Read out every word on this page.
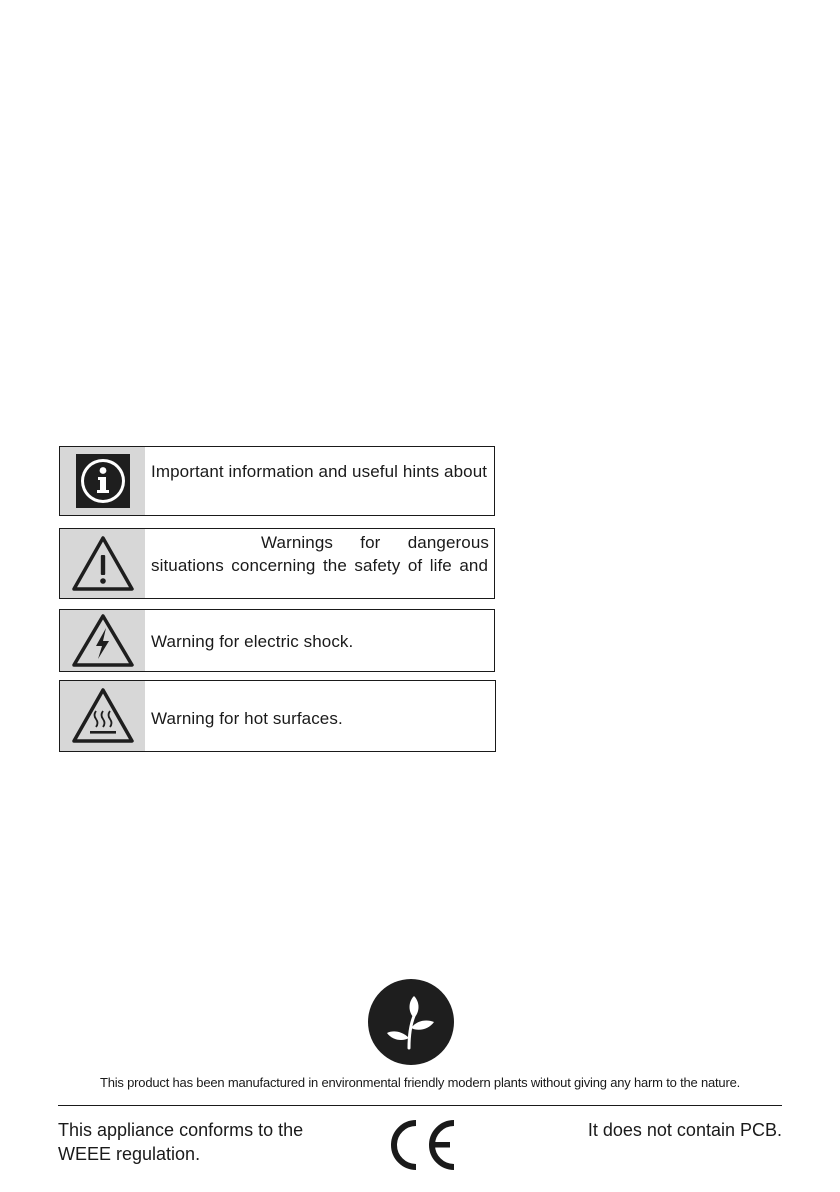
Important information and useful hints about
Warnings for dangerous
situations concerning the safety of life and
Warning for electric shock.
Warning for hot surfaces.
This product has been manufactured in environmental friendly modern plants without giving any harm to the nature.
This appliance conforms to the
WEEE regulation.
It does not contain PCB.
